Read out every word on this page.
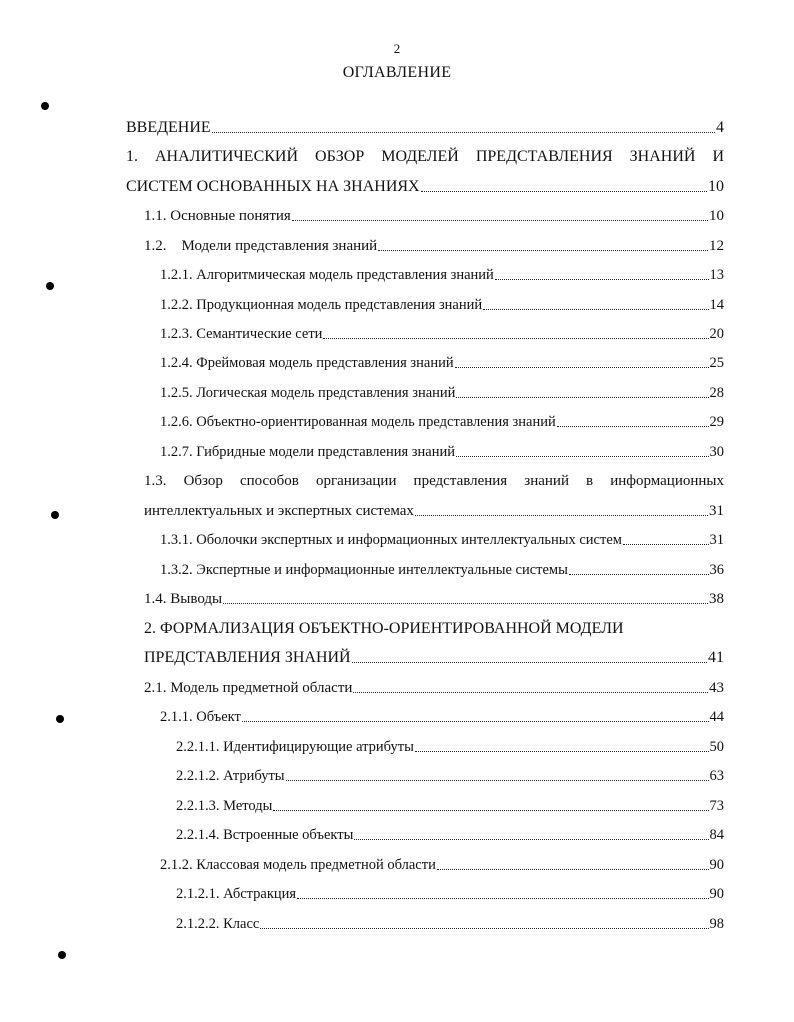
2
ОГЛАВЛЕНИЕ
ВВЕДЕНИЕ	4
1. АНАЛИТИЧЕСКИЙ ОБЗОР МОДЕЛЕЙ ПРЕДСТАВЛЕНИЯ ЗНАНИЙ И
СИСТЕМ ОСНОВАННЫХ НА ЗНАНИЯХ	10
1.1. Основные понятия	10
1.2.    Модели представления знаний	12
1.2.1. Алгоритмическая модель представления знаний	13
1.2.2. Продукционная модель представления знаний	14
1.2.3. Семантические сети	20
1.2.4. Фреймовая модель представления знаний	25
1.2.5. Логическая модель представления знаний	28
1.2.6. Объектно-ориентированная модель представления знаний	29
1.2.7. Гибридные модели представления знаний	30
1.3. Обзор способов организации представления знаний в информационных
интеллектуальных и экспертных системах	31
1.3.1. Оболочки экспертных и информационных интеллектуальных систем	31
1.3.2. Экспертные и информационные интеллектуальные системы	36
1.4. Выводы	38
2. ФОРМАЛИЗАЦИЯ ОБЪЕКТНО-ОРИЕНТИРОВАННОЙ МОДЕЛИ
ПРЕДСТАВЛЕНИЯ ЗНАНИЙ	41
2.1. Модель предметной области	43
2.1.1. Объект	44
2.2.1.1. Идентифицирующие атрибуты	50
2.2.1.2. Атрибуты	63
2.2.1.3. Методы	73
2.2.1.4. Встроенные объекты	84
2.1.2. Классовая модель предметной области	90
2.1.2.1. Абстракция	90
2.1.2.2. Класс	98
